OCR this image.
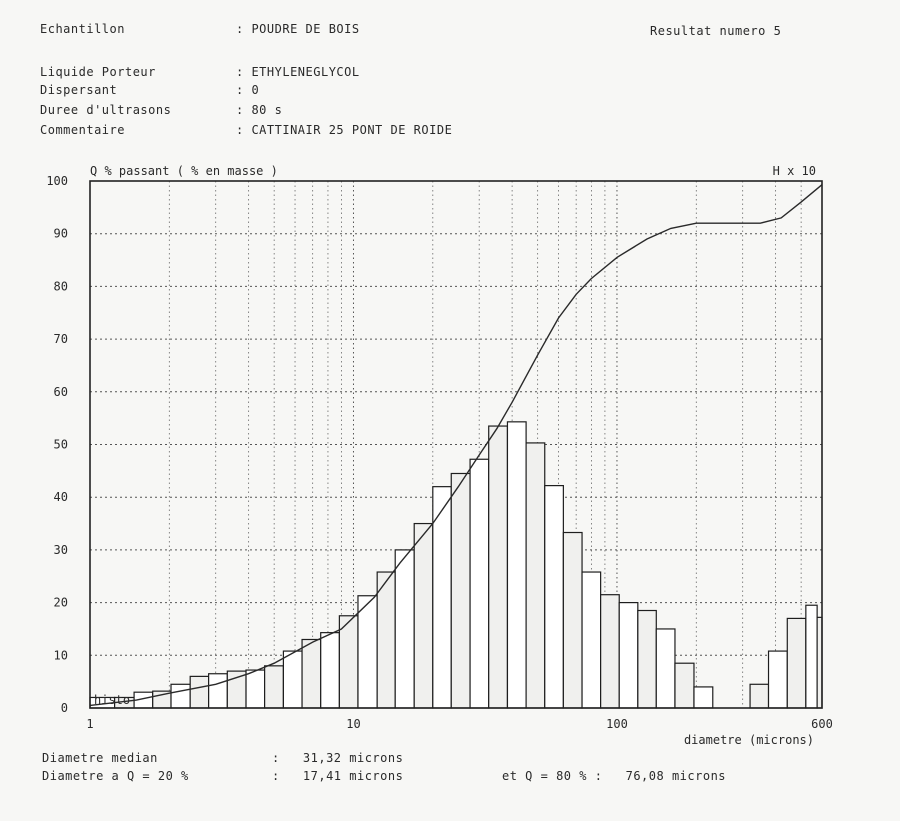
Echantillon	: POUDRE DE BOIS	Resultat numero 5
Liquide Porteur	: ETHYLENEGLYCOL
Dispersant	: 0
Duree d'ultrasons	: 80 s
Commentaire	: CATTINAIR 25 PONT DE ROIDE
0
10
20
30
40
50
60
70
80
90
100
1	10	100	600
Q % passant ( % en masse )	H x 10
diametre (microns)
histo
Diametre median	:   31,32 microns
Diametre a Q = 20 %	:   17,41 microns	et Q = 80 % :   76,08 microns
